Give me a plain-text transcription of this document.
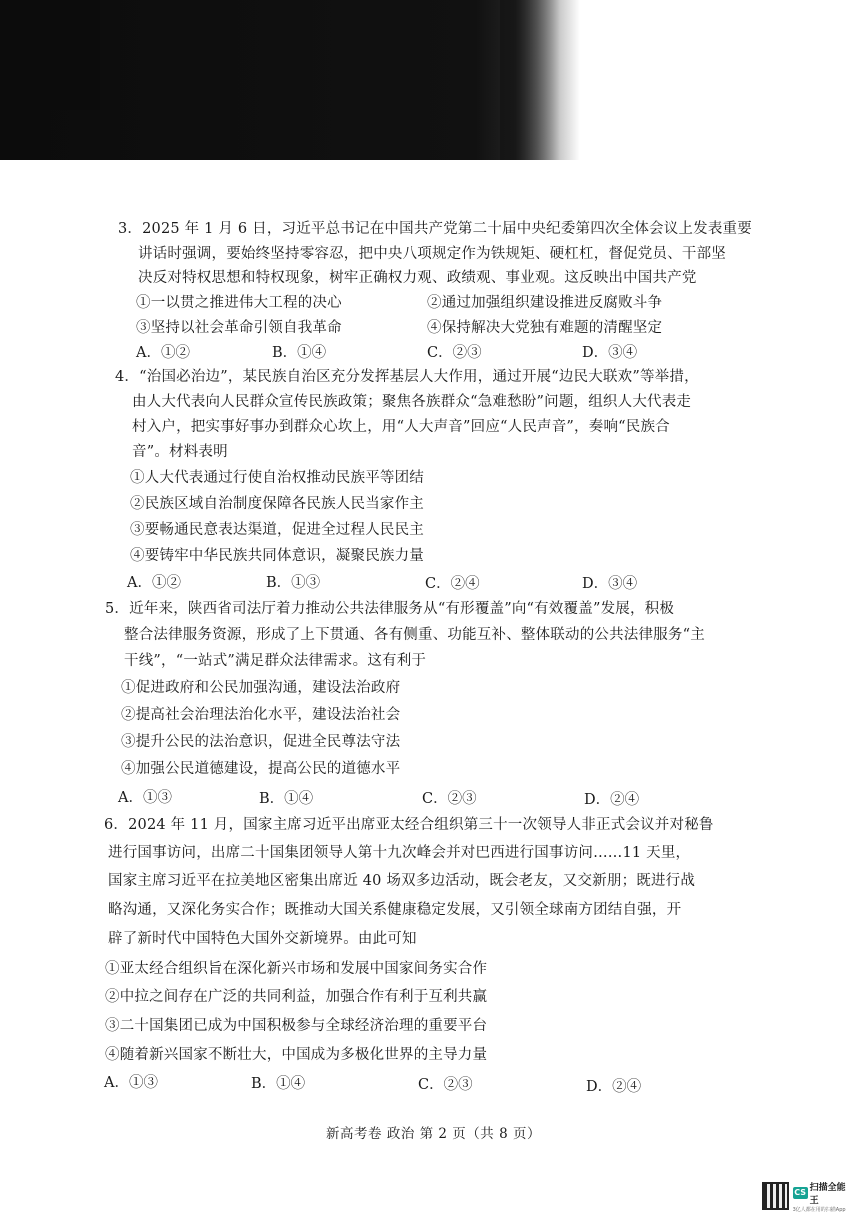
3．2025 年 1 月 6 日，习近平总书记在中国共产党第二十届中央纪委第四次全体会议上发表重要
讲话时强调，要始终坚持零容忍，把中央八项规定作为铁规矩、硬杠杠，督促党员、干部坚
决反对特权思想和特权现象，树牢正确权力观、政绩观、事业观。这反映出中国共产党
①一以贯之推进伟大工程的决心	②通过加强组织建设推进反腐败斗争
③坚持以社会革命引领自我革命	④保持解决大党独有难题的清醒坚定
A．①②	B．①④	C．②③	D．③④
4．“治国必治边”，某民族自治区充分发挥基层人大作用，通过开展“边民大联欢”等举措，
由人大代表向人民群众宣传民族政策；聚焦各族群众“急难愁盼”问题，组织人大代表走
村入户，把实事好事办到群众心坎上，用“人大声音”回应“人民声音”，奏响“民族合
音”。材料表明
①人大代表通过行使自治权推动民族平等团结
②民族区域自治制度保障各民族人民当家作主
③要畅通民意表达渠道，促进全过程人民民主
④要铸牢中华民族共同体意识，凝聚民族力量
A．①②	B．①③	C．②④	D．③④
5．近年来，陕西省司法厅着力推动公共法律服务从“有形覆盖”向“有效覆盖”发展，积极
整合法律服务资源，形成了上下贯通、各有侧重、功能互补、整体联动的公共法律服务“主
干线”，“一站式”满足群众法律需求。这有利于
①促进政府和公民加强沟通，建设法治政府
②提高社会治理法治化水平，建设法治社会
③提升公民的法治意识，促进全民尊法守法
④加强公民道德建设，提高公民的道德水平
A．①③	B．①④	C．②③	D．②④
6．2024 年 11 月，国家主席习近平出席亚太经合组织第三十一次领导人非正式会议并对秘鲁
进行国事访问，出席二十国集团领导人第十九次峰会并对巴西进行国事访问……11 天里，
国家主席习近平在拉美地区密集出席近 40 场双多边活动，既会老友，又交新朋；既进行战
略沟通，又深化务实合作；既推动大国关系健康稳定发展，又引领全球南方团结自强，开
辟了新时代中国特色大国外交新境界。由此可知
①亚太经合组织旨在深化新兴市场和发展中国家间务实合作
②中拉之间存在广泛的共同利益，加强合作有利于互利共赢
③二十国集团已成为中国积极参与全球经济治理的重要平台
④随着新兴国家不断壮大，中国成为多极化世界的主导力量
A．①③	B．①④	C．②③	D．②④
新高考卷 政治 第 2 页（共 8 页）
CS 扫描全能王
3亿人都在用的扫描App
